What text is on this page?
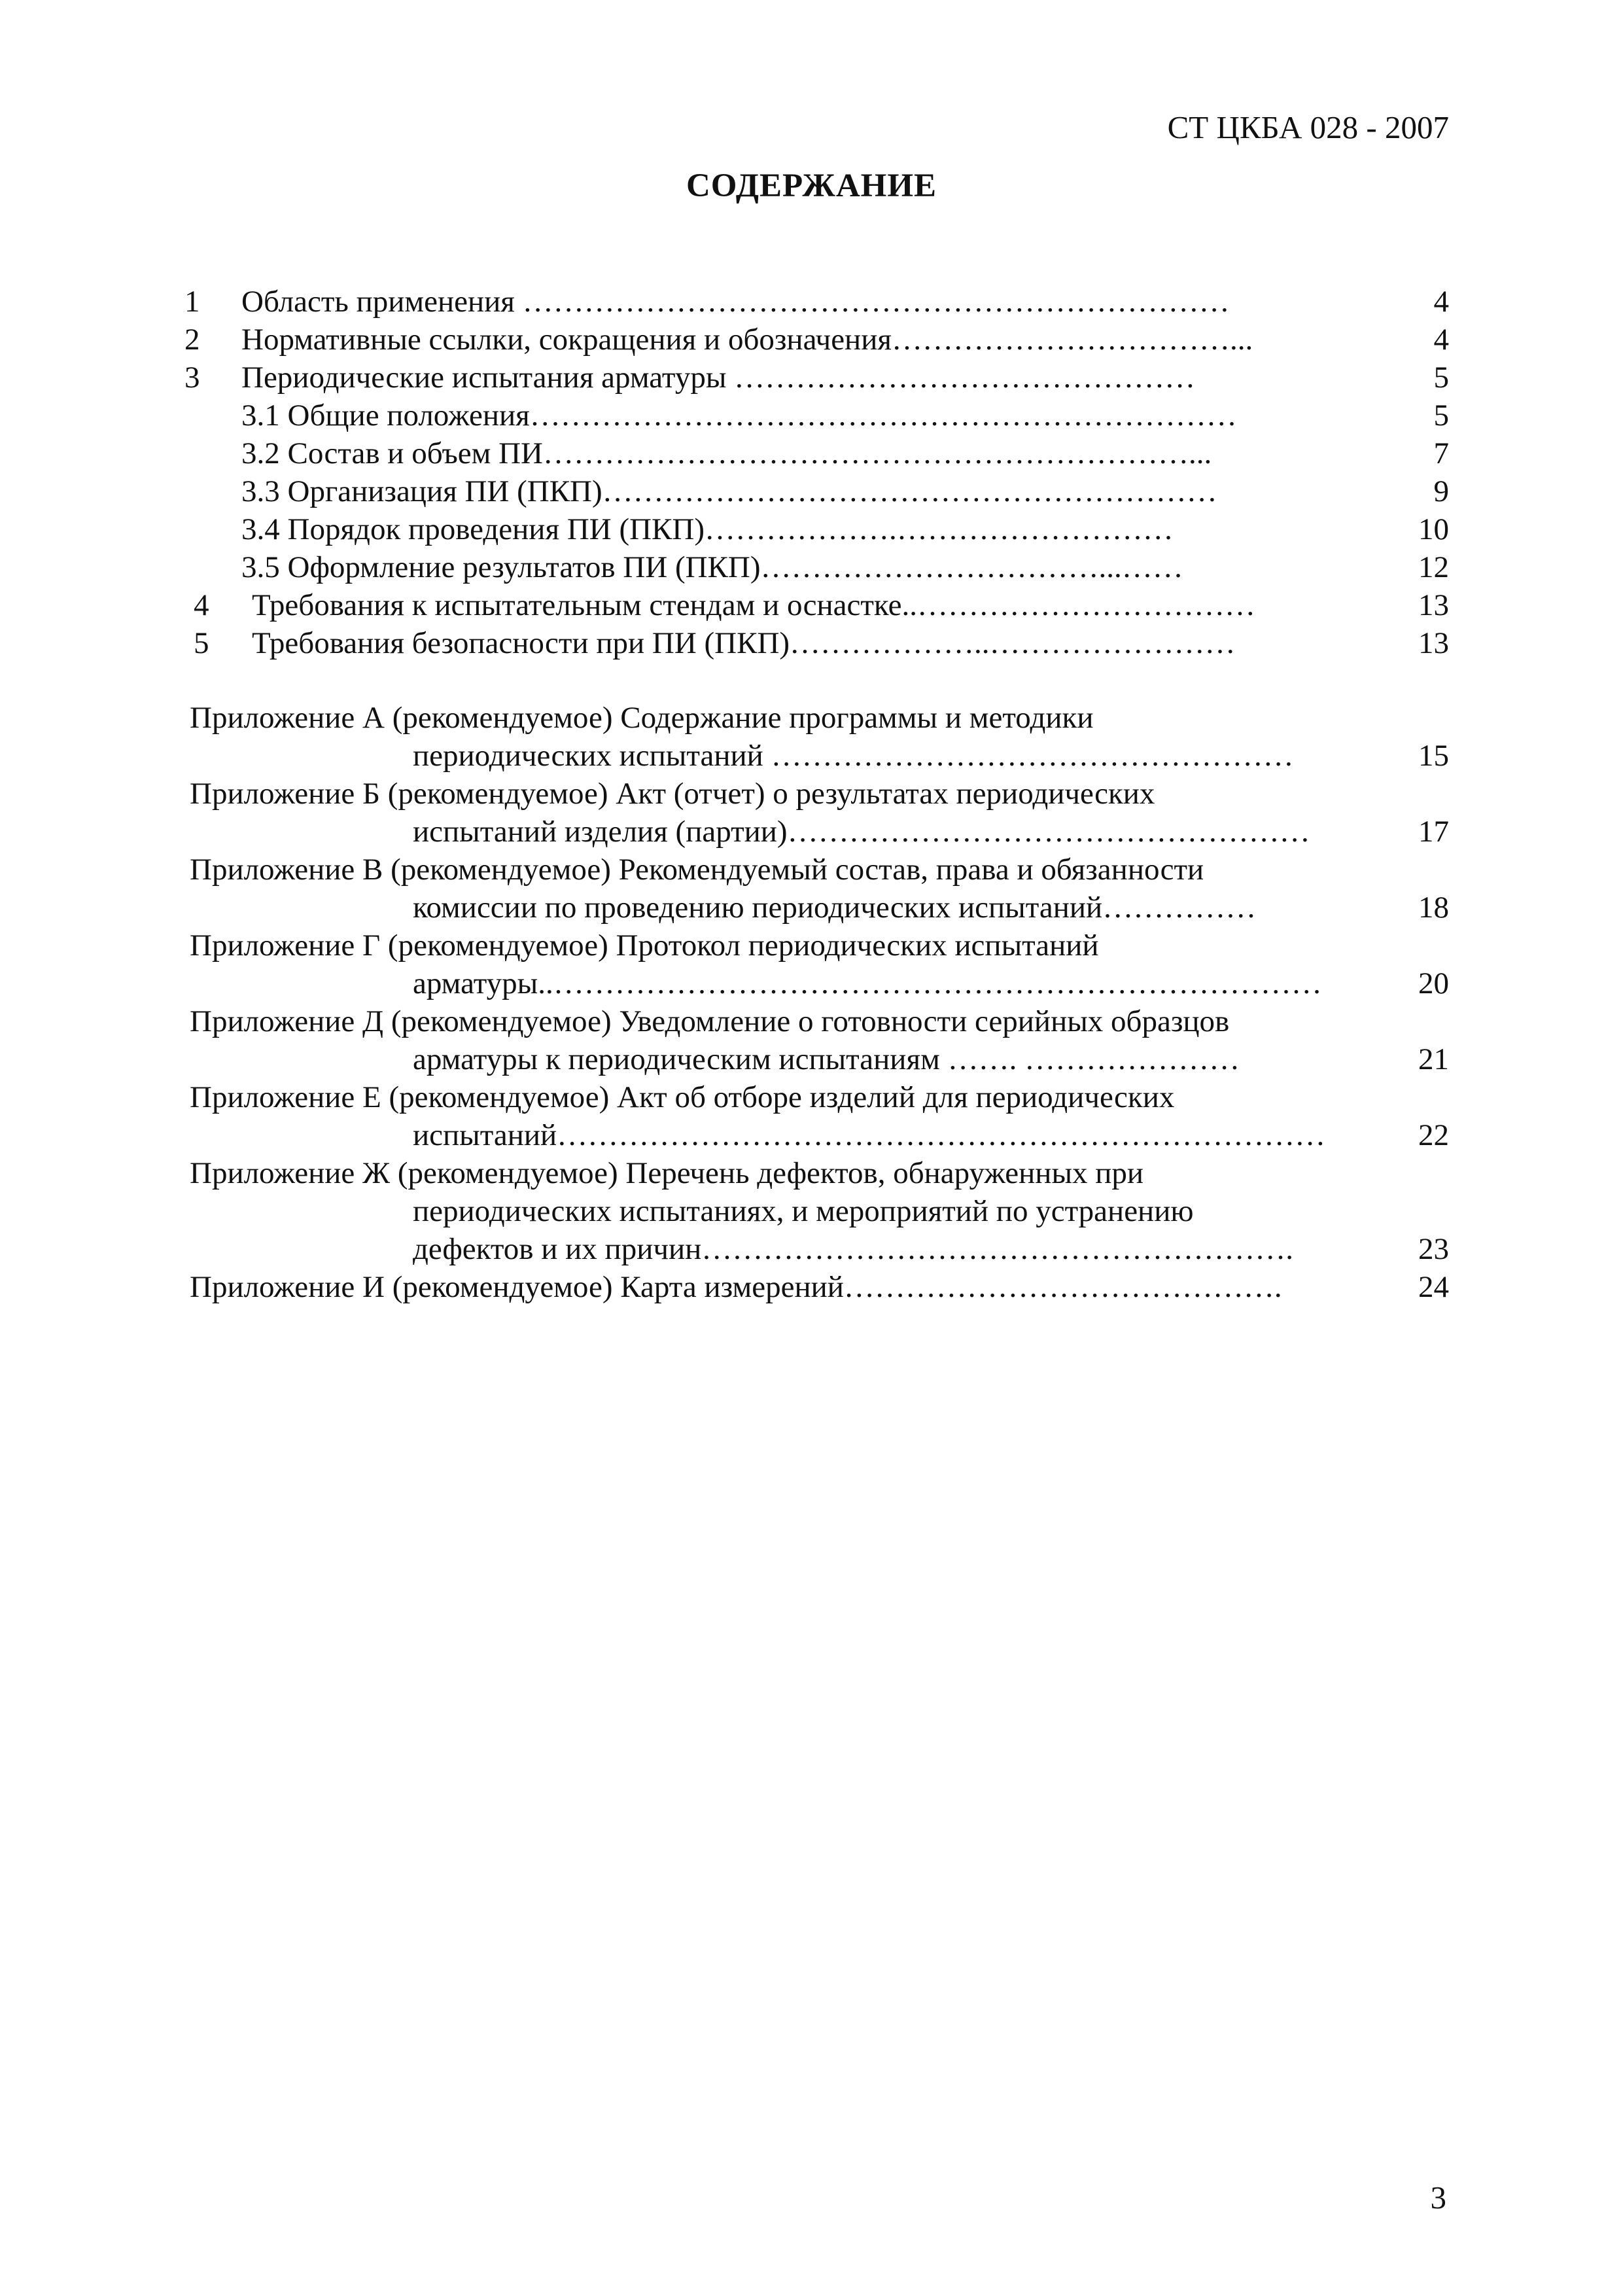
СТ ЦКБА 028 - 2007
СОДЕРЖАНИЕ
1 Область применения ……………………………………………………………	4
2 Нормативные ссылки, сокращения и обозначения……………………………...	4
3 Периодические испытания арматуры ………………………………………	5
3.1 Общие положения……………………………………………………………	5
3.2 Состав и объем ПИ………………………………………………………...	7
3.3 Организация ПИ (ПКП)……………………………………………………	9
3.4 Порядок проведения ПИ (ПКП)……………….………………………	10
3.5 Оформление результатов ПИ (ПКП)……………………………...……	12
4 Требования к испытательным стендам и оснастке..……………………………	13
5 Требования безопасности при ПИ (ПКП)………………..……………………	13
Приложение А (рекомендуемое) Содержание программы и методики
периодических испытаний ……………………………………………	15
Приложение Б (рекомендуемое) Акт (отчет) о результатах периодических
испытаний изделия (партии)……………………………………………	17
Приложение В (рекомендуемое) Рекомендуемый состав, права и обязанности
комиссии по проведению периодических испытаний……………	18
Приложение Г (рекомендуемое) Протокол периодических испытаний
арматуры..…………………………………………………………………	20
Приложение Д (рекомендуемое) Уведомление о готовности серийных образцов
арматуры к периодическим испытаниям ……. …………………	21
Приложение Е (рекомендуемое) Акт об отборе изделий для периодических
испытаний…………………………………………………………………	22
Приложение Ж (рекомендуемое) Перечень дефектов, обнаруженных при
периодических испытаниях, и мероприятий по устранению
дефектов и их причин………………………………………………….	23
Приложение И (рекомендуемое) Карта измерений…………………………………….	24
3
